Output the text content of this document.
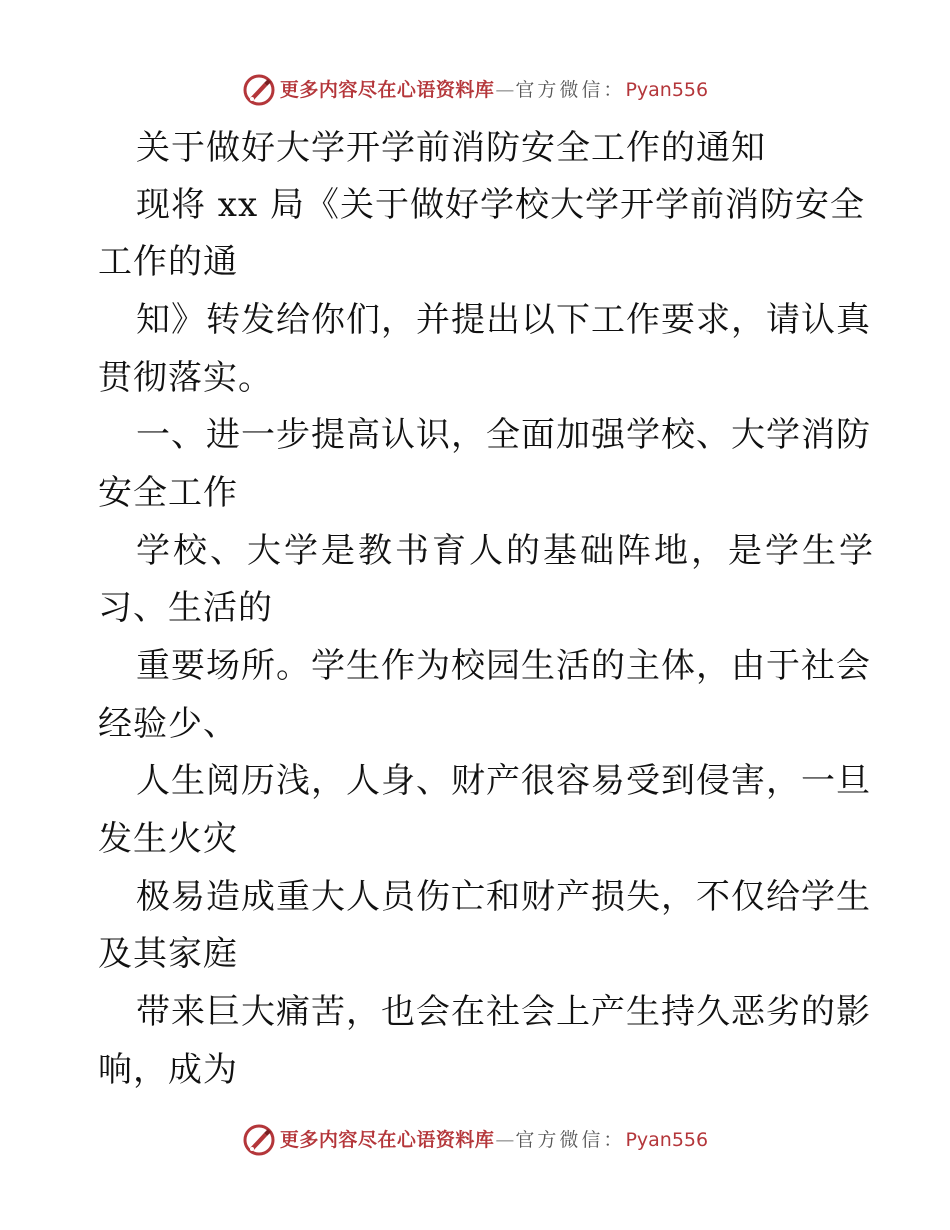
更多内容尽在心语资料库 — 官方微信： Pyan556
关于做好大学开学前消防安全工作的通知
现将 xx 局《关于做好学校大学开学前消防安全
工作的通
知》转发给你们，并提出以下工作要求，请认真
贯彻落实。
一、进一步提高认识，全面加强学校、大学消防
安全工作
学校、大学是教书育人的基础阵地，是学生学
习、生活的
重要场所。学生作为校园生活的主体，由于社会
经验少、
人生阅历浅，人身、财产很容易受到侵害，一旦
发生火灾
极易造成重大人员伤亡和财产损失，不仅给学生
及其家庭
带来巨大痛苦，也会在社会上产生持久恶劣的影
响，成为
更多内容尽在心语资料库 — 官方微信： Pyan556
